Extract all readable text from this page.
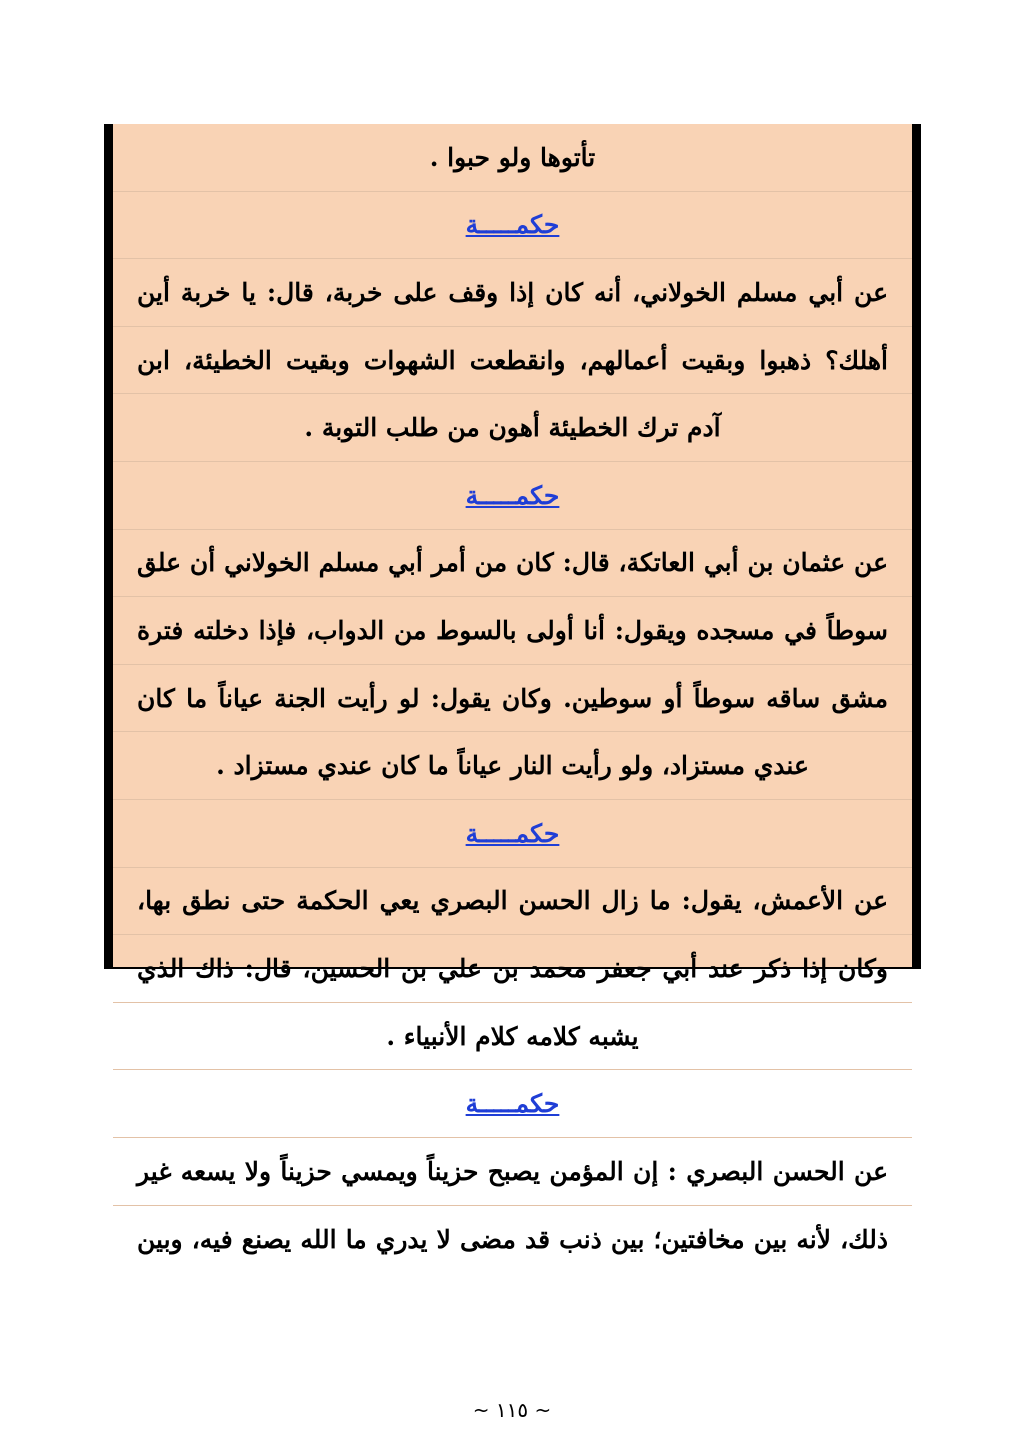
تأتوها ولو حبوا .
حكمـــــة
عن أبي مسلم الخولاني، أنه كان إذا وقف على خربة، قال: يا خربة أين
أهلك؟ ذهبوا وبقيت أعمالهم، وانقطعت الشهوات وبقيت الخطيئة، ابن
آدم ترك الخطيئة أهون من طلب التوبة .
حكمـــــة
عن عثمان بن أبي العاتكة، قال: كان من أمر أبي مسلم الخولاني أن علق
سوطاً في مسجده ويقول: أنا أولى بالسوط من الدواب، فإذا دخلته فترة
مشق ساقه سوطاً أو سوطين. وكان يقول: لو رأيت الجنة عياناً ما كان
عندي مستزاد، ولو رأيت النار عياناً ما كان عندي مستزاد .
حكمـــــة
عن الأعمش، يقول: ما زال الحسن البصري يعي الحكمة حتى نطق بها،
وكان إذا ذكر عند أبي جعفر محمد بن علي بن الحسين، قال: ذاك الذي
يشبه كلامه كلام الأنبياء .
حكمـــــة
عن الحسن البصري : إن المؤمن يصبح حزيناً ويمسي حزيناً ولا يسعه غير
ذلك، لأنه بين مخافتين؛ بين ذنب قد مضى لا يدري ما الله يصنع فيه، وبين
~ ١١٥ ~
